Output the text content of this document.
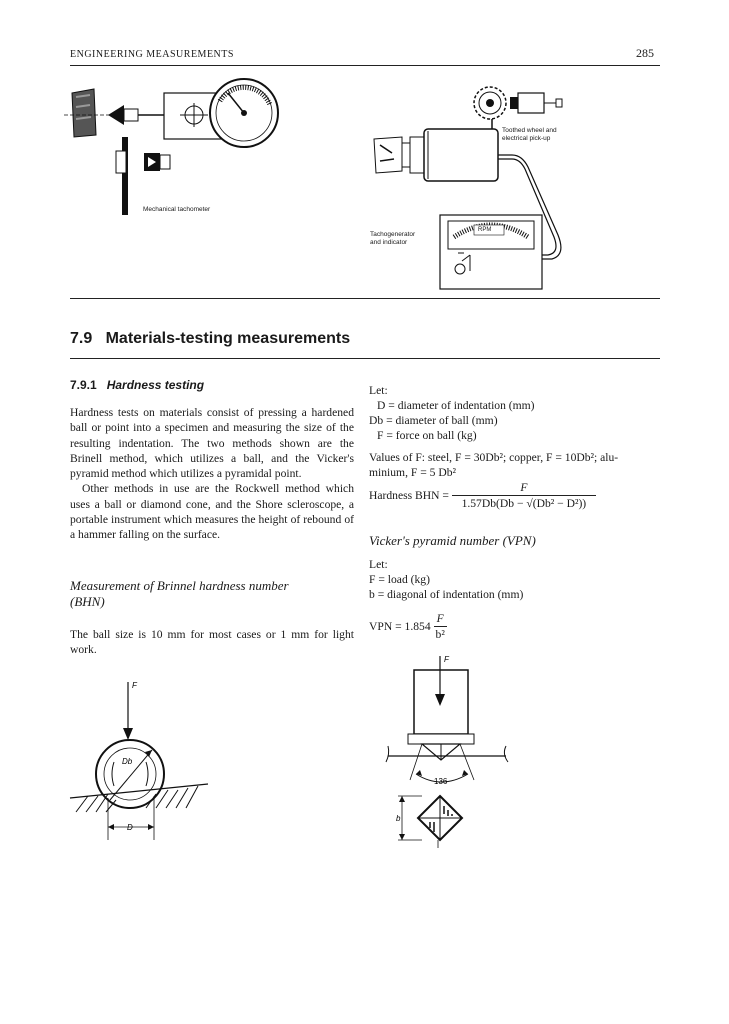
ENGINEERING MEASUREMENTS	285
Mechanical tachometer
Toothed wheel and
electrical pick-up
Tachogenerator
and indicator
RPM
7.9 Materials-testing measurements
7.9.1 Hardness testing

Hardness tests on materials consist of pressing a hardened ball or point into a specimen and measuring the size of the resulting indentation. The two methods shown are the Brinell method, which utilizes a ball, and the Vicker's pyramid method which utilizes a pyramidal point.

Other methods in use are the Rockwell method which uses a ball or diamond cone, and the Shore scleroscope, a portable instrument which measures the height of rebound of a hammer falling on the surface.

Measurement of Brinnel hardness number
(BHN)
The ball size is 10 mm for most cases or 1 mm for light work.

Let:

D = diameter of indentation (mm)

Db = diameter of ball (mm)

F = force on ball (kg)

Values of F: steel, F = 30Db²; copper, F = 10Db²; alu-

minium, F = 5 Db²

Hardness BHN = $\frac{F}{\text{1.57Db(Db − √(Db² − D²))}}$
Vicker's pyramid number (VPN)

Let:

F = load (kg)

b = diagonal of indentation (mm)

VPN = $1.854 \frac{F}{\text{b²}}$
F
Db
D
F
136
b
